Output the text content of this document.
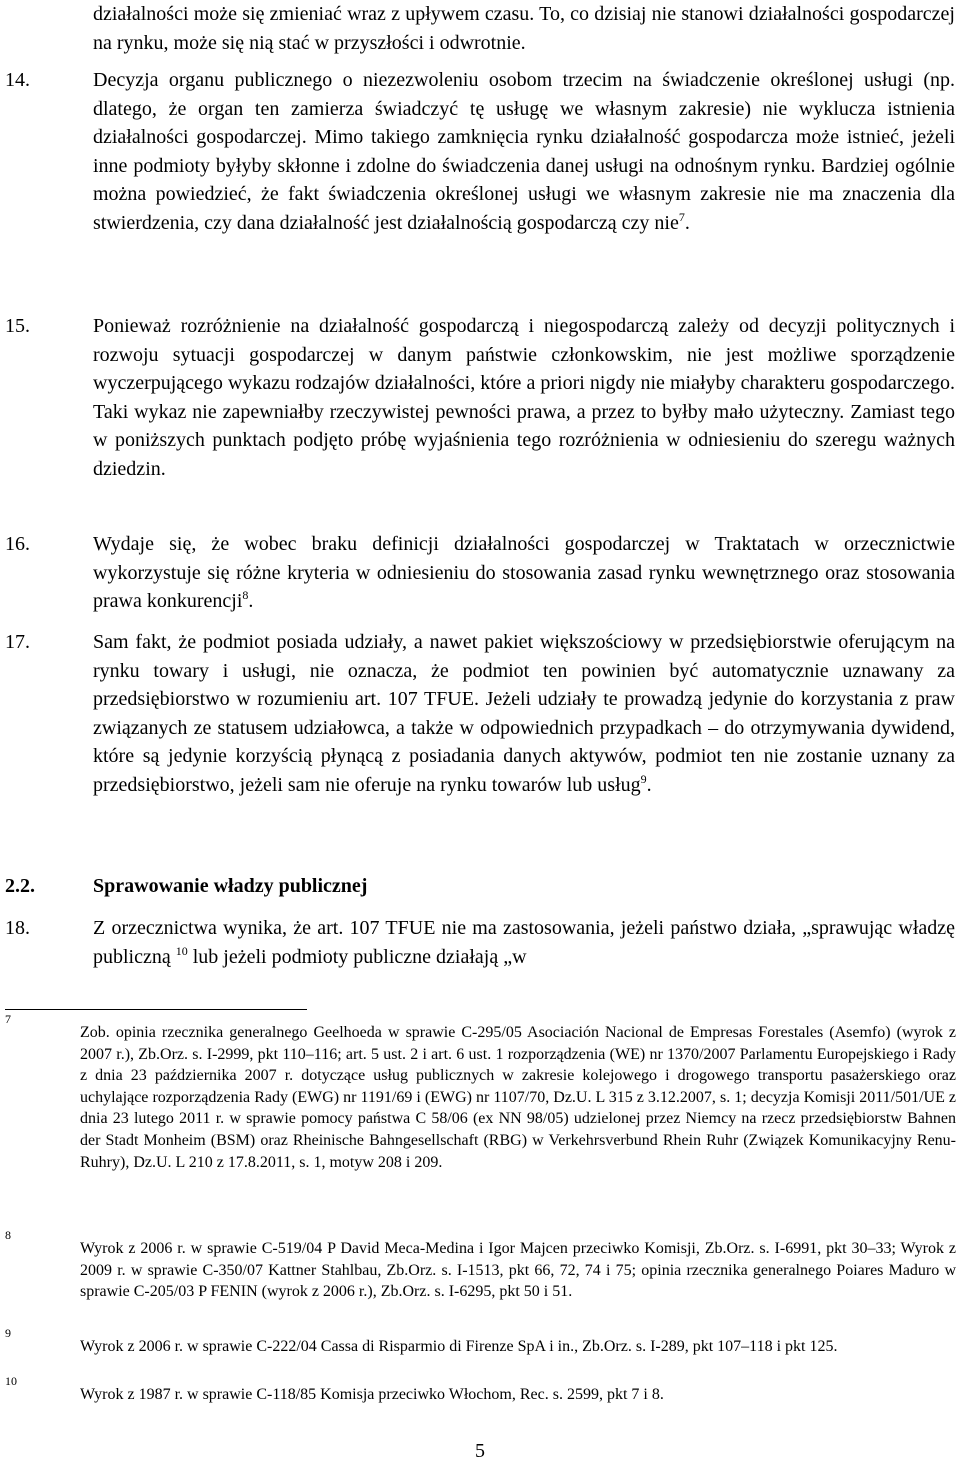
działalności może się zmieniać wraz z upływem czasu. To, co dzisiaj nie stanowi działalności gospodarczej na rynku, może się nią stać w przyszłości i odwrotnie.
14.	Decyzja organu publicznego o niezezwoleniu osobom trzecim na świadczenie określonej usługi (np. dlatego, że organ ten zamierza świadczyć tę usługę we własnym zakresie) nie wyklucza istnienia działalności gospodarczej. Mimo takiego zamknięcia rynku działalność gospodarcza może istnieć, jeżeli inne podmioty byłyby skłonne i zdolne do świadczenia danej usługi na odnośnym rynku. Bardziej ogólnie można powiedzieć, że fakt świadczenia określonej usługi we własnym zakresie nie ma znaczenia dla stwierdzenia, czy dana działalność jest działalnością gospodarczą czy nie$^7$.
15.	Ponieważ rozróżnienie na działalność gospodarczą i niegospodarczą zależy od decyzji politycznych i rozwoju sytuacji gospodarczej w danym państwie członkowskim, nie jest możliwe sporządzenie wyczerpującego wykazu rodzajów działalności, które a priori nigdy nie miałyby charakteru gospodarczego. Taki wykaz nie zapewniałby rzeczywistej pewności prawa, a przez to byłby mało użyteczny. Zamiast tego w poniższych punktach podjęto próbę wyjaśnienia tego rozróżnienia w odniesieniu do szeregu ważnych dziedzin.
16.	Wydaje się, że wobec braku definicji działalności gospodarczej w Traktatach w orzecznictwie wykorzystuje się różne kryteria w odniesieniu do stosowania zasad rynku wewnętrznego oraz stosowania prawa konkurencji$^8$.
17.	Sam fakt, że podmiot posiada udziały, a nawet pakiet większościowy w przedsiębiorstwie oferującym na rynku towary i usługi, nie oznacza, że podmiot ten powinien być automatycznie uznawany za przedsiębiorstwo w rozumieniu art. 107 TFUE. Jeżeli udziały te prowadzą jedynie do korzystania z praw związanych ze statusem udziałowca, a także w odpowiednich przypadkach – do otrzymywania dywidend, które są jedynie korzyścią płynącą z posiadania danych aktywów, podmiot ten nie zostanie uznany za przedsiębiorstwo, jeżeli sam nie oferuje na rynku towarów lub usług$^9$.
2.2.	Sprawowanie władzy publicznej
18.	Z orzecznictwa wynika, że art. 107 TFUE nie ma zastosowania, jeżeli państwo działa, „sprawując władzę publiczną $^{10}$ lub jeżeli podmioty publiczne działają „w
7
Zob. opinia rzecznika generalnego Geelhoeda w sprawie C-295/05 Asociación Nacional de Empresas Forestales (Asemfo) (wyrok z 2007 r.), Zb.Orz. s. I-2999, pkt 110–116; art. 5 ust. 2 i art. 6 ust. 1 rozporządzenia (WE) nr 1370/2007 Parlamentu Europejskiego i Rady z dnia 23 października 2007 r. dotyczące usług publicznych w zakresie kolejowego i drogowego transportu pasażerskiego oraz uchylające rozporządzenia Rady (EWG) nr 1191/69 i (EWG) nr 1107/70, Dz.U. L 315 z 3.12.2007, s. 1; decyzja Komisji 2011/501/UE z dnia 23 lutego 2011 r. w sprawie pomocy państwa C 58/06 (ex NN 98/05) udzielonej przez Niemcy na rzecz przedsiębiorstw Bahnen der Stadt Monheim (BSM) oraz Rheinische Bahngesellschaft (RBG) w Verkehrsverbund Rhein Ruhr (Związek Komunikacyjny Renu-Ruhry), Dz.U. L 210 z 17.8.2011, s. 1, motyw 208 i 209.
8
Wyrok z 2006 r. w sprawie C-519/04 P David Meca-Medina i Igor Majcen przeciwko Komisji, Zb.Orz. s. I-6991, pkt 30–33; Wyrok z 2009 r. w sprawie C-350/07 Kattner Stahlbau, Zb.Orz. s. I-1513, pkt 66, 72, 74 i 75; opinia rzecznika generalnego Poiares Maduro w sprawie C-205/03 P FENIN (wyrok z 2006 r.), Zb.Orz. s. I-6295, pkt 50 i 51.
9
Wyrok z 2006 r. w sprawie C-222/04 Cassa di Risparmio di Firenze SpA i in., Zb.Orz. s. I-289, pkt 107–118 i pkt 125.
10
Wyrok z 1987 r. w sprawie C-118/85 Komisja przeciwko Włochom, Rec. s. 2599, pkt 7 i 8.
5
